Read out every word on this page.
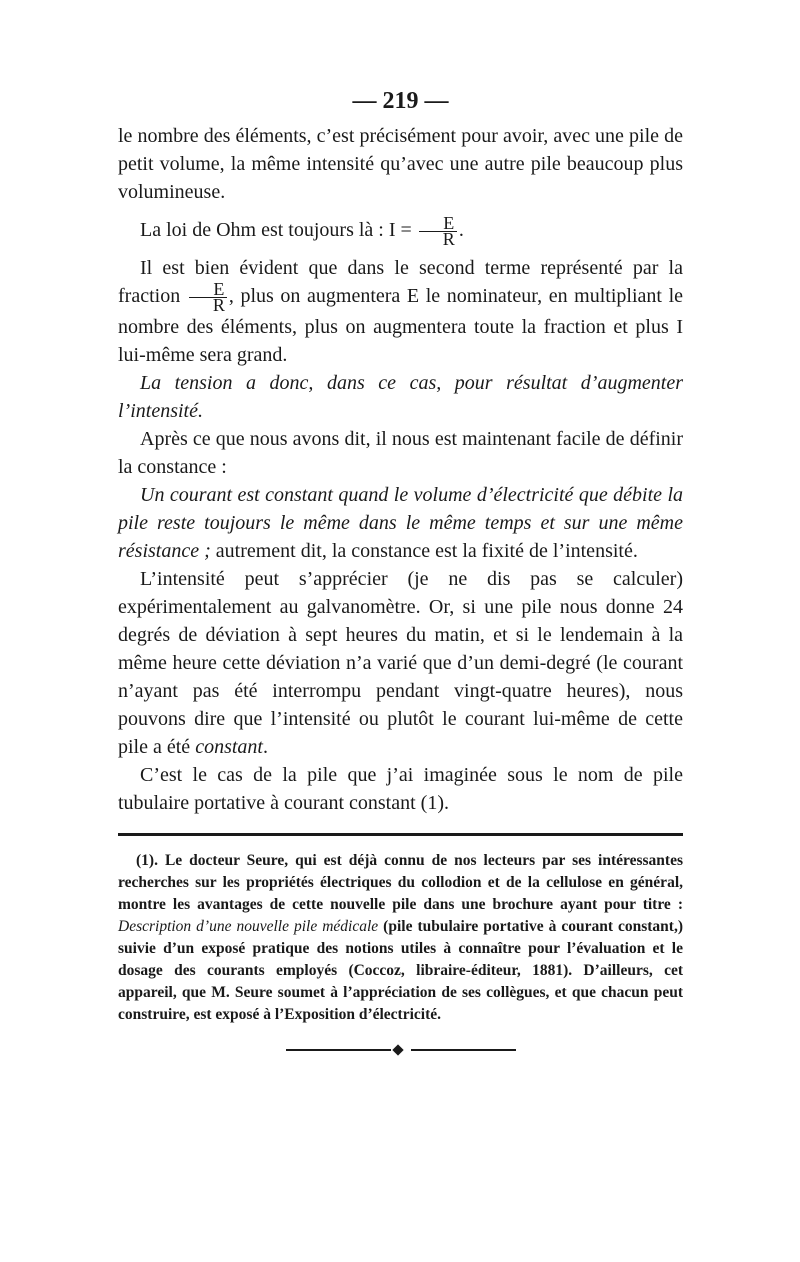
— 219 —

le nombre des éléments, c’est précisément pour avoir, avec une pile de petit volume, la même intensité qu’avec une autre pile beaucoup plus volumineuse.

La loi de Ohm est toujours là : $I = \frac{E}{R}$ .

Il est bien évident que dans le second terme représenté par la fraction $\frac{E}{R}$ , plus on augmentera E le nominateur, en multipliant le nombre des éléments, plus on augmentera toute la fraction et plus I lui-même sera grand.

La tension a donc, dans ce cas, pour résultat d’augmenter l’intensité.

Après ce que nous avons dit, il nous est maintenant facile de définir la constance :

Un courant est constant quand le volume d’électricité que débite la pile reste toujours le même dans le même temps et sur une même résistance ; autrement dit, la constance est la fixité de l’intensité.

L’intensité peut s’apprécier (je ne dis pas se calculer) expérimentalement au galvanomètre. Or, si une pile nous donne 24 degrés de déviation à sept heures du matin, et si le lendemain à la même heure cette déviation n’a varié que d’un demi-degré (le courant n’ayant pas été interrompu pendant vingt-quatre heures), nous pouvons dire que l’intensité ou plutôt le courant lui-même de cette pile a été constant.

C’est le cas de la pile que j’ai imaginée sous le nom de pile tubulaire portative à courant constant (1).

(1). Le docteur Seure, qui est déjà connu de nos lecteurs par ses intéressantes recherches sur les propriétés électriques du collodion et de la cellulose en général, montre les avantages de cette nouvelle pile dans une brochure ayant pour titre : Description d’une nouvelle pile médicale (pile tubulaire portative à courant constant,) suivie d’un exposé pratique des notions utiles à connaître pour l’évaluation et le dosage des courants employés (Coccoz, libraire-éditeur, 1881). D’ailleurs, cet appareil, que M. Seure soumet à l’appréciation de ses collègues, et que chacun peut construire, est exposé à l’Exposition d’électricité.
